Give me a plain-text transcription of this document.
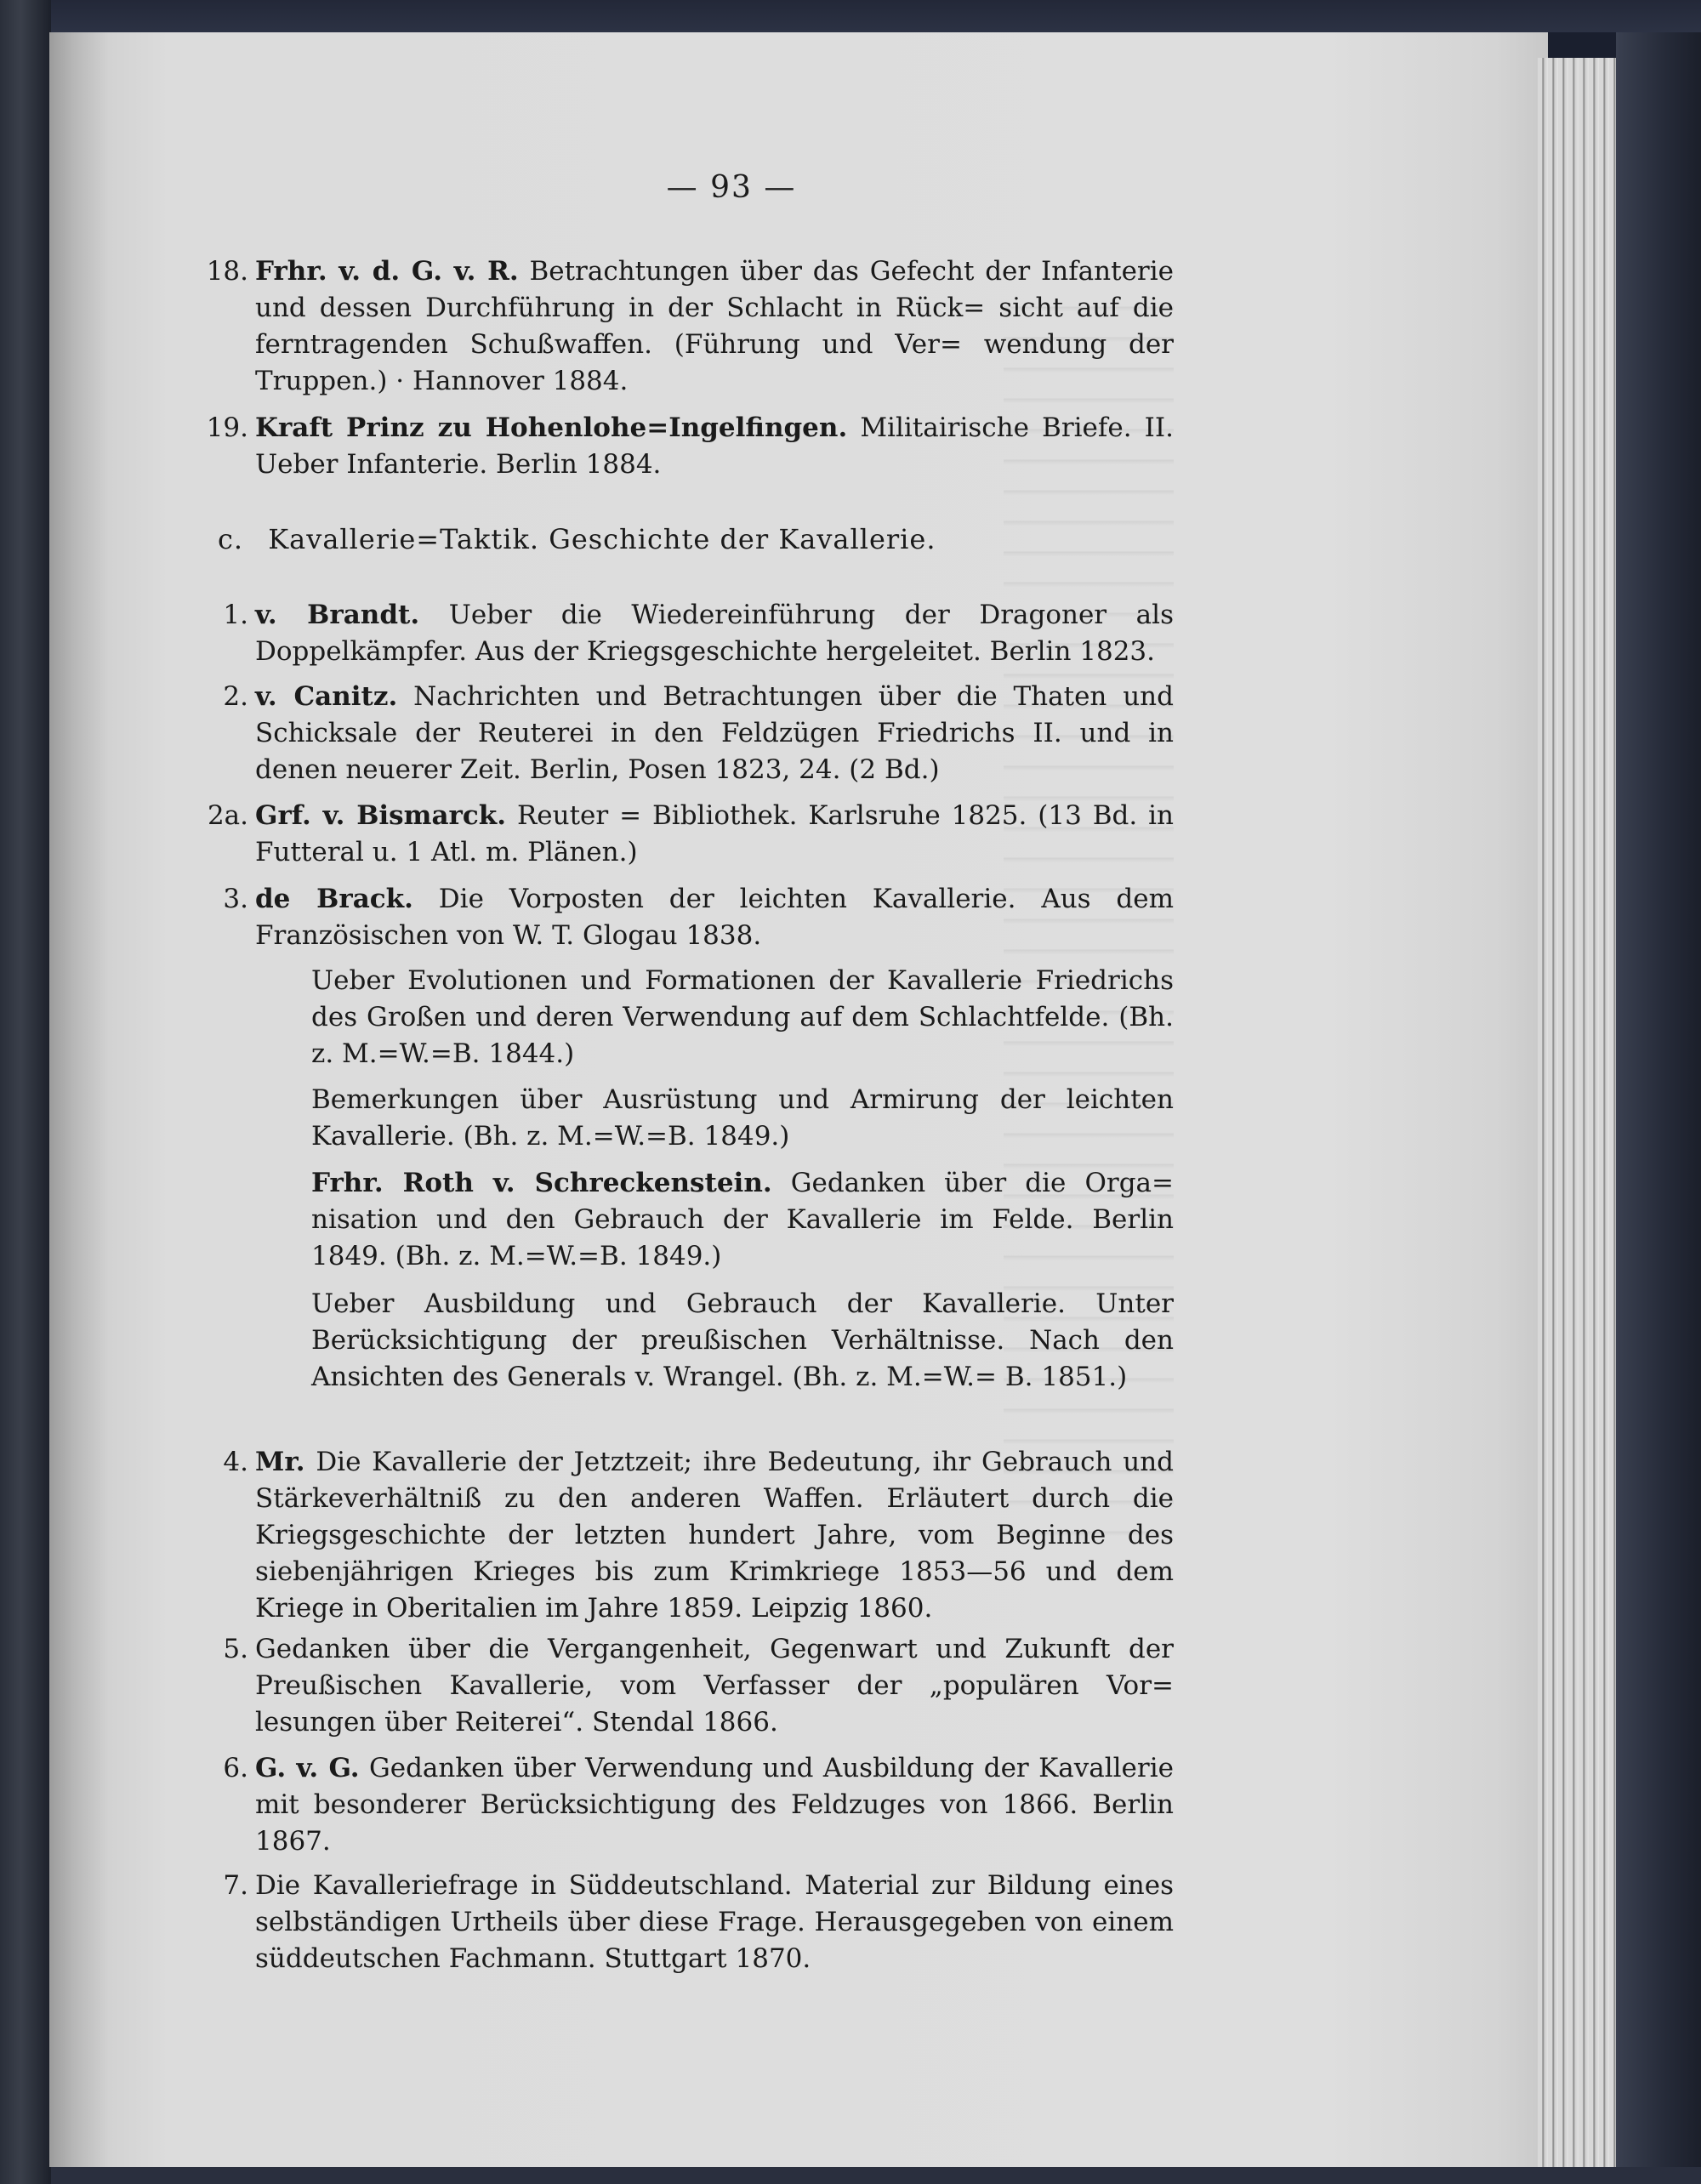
— 93 —
18. Frhr. v. d. G. v. R. Betrachtungen über das Gefecht der Infanterie und dessen Durchführung in der Schlacht in Rück= sicht auf die ferntragenden Schußwaffen. (Führung und Ver= wendung der Truppen.) · Hannover 1884.
19. Kraft Prinz zu Hohenlohe=Ingelfingen. Militairische Briefe. II. Ueber Infanterie. Berlin 1884.
c. Kavallerie=Taktik. Geschichte der Kavallerie.
1. v. Brandt. Ueber die Wiedereinführung der Dragoner als Doppelkämpfer. Aus der Kriegsgeschichte hergeleitet. Berlin 1823.
2. v. Canitz. Nachrichten und Betrachtungen über die Thaten und Schicksale der Reuterei in den Feldzügen Friedrichs II. und in denen neuerer Zeit. Berlin, Posen 1823, 24. (2 Bd.)
2a. Grf. v. Bismarck. Reuter = Bibliothek. Karlsruhe 1825. (13 Bd. in Futteral u. 1 Atl. m. Plänen.)
3. de Brack. Die Vorposten der leichten Kavallerie. Aus dem Französischen von W. T. Glogau 1838.
Ueber Evolutionen und Formationen der Kavallerie Friedrichs des Großen und deren Verwendung auf dem Schlachtfelde. (Bh. z. M.=W.=B. 1844.)
Bemerkungen über Ausrüstung und Armirung der leichten Kavallerie. (Bh. z. M.=W.=B. 1849.)
Frhr. Roth v. Schreckenstein. Gedanken über die Orga= nisation und den Gebrauch der Kavallerie im Felde. Berlin 1849. (Bh. z. M.=W.=B. 1849.)
Ueber Ausbildung und Gebrauch der Kavallerie. Unter Berücksichtigung der preußischen Verhältnisse. Nach den Ansichten des Generals v. Wrangel. (Bh. z. M.=W.= B. 1851.)
4. Mr. Die Kavallerie der Jetztzeit; ihre Bedeutung, ihr Gebrauch und Stärkeverhältniß zu den anderen Waffen. Erläutert durch die Kriegsgeschichte der letzten hundert Jahre, vom Beginne des siebenjährigen Krieges bis zum Krimkriege 1853—56 und dem Kriege in Oberitalien im Jahre 1859. Leipzig 1860.
5. Gedanken über die Vergangenheit, Gegenwart und Zukunft der Preußischen Kavallerie, vom Verfasser der „populären Vor= lesungen über Reiterei“. Stendal 1866.
6. G. v. G. Gedanken über Verwendung und Ausbildung der Kavallerie mit besonderer Berücksichtigung des Feldzuges von 1866. Berlin 1867.
7. Die Kavalleriefrage in Süddeutschland. Material zur Bildung eines selbständigen Urtheils über diese Frage. Herausgegeben von einem süddeutschen Fachmann. Stuttgart 1870.
